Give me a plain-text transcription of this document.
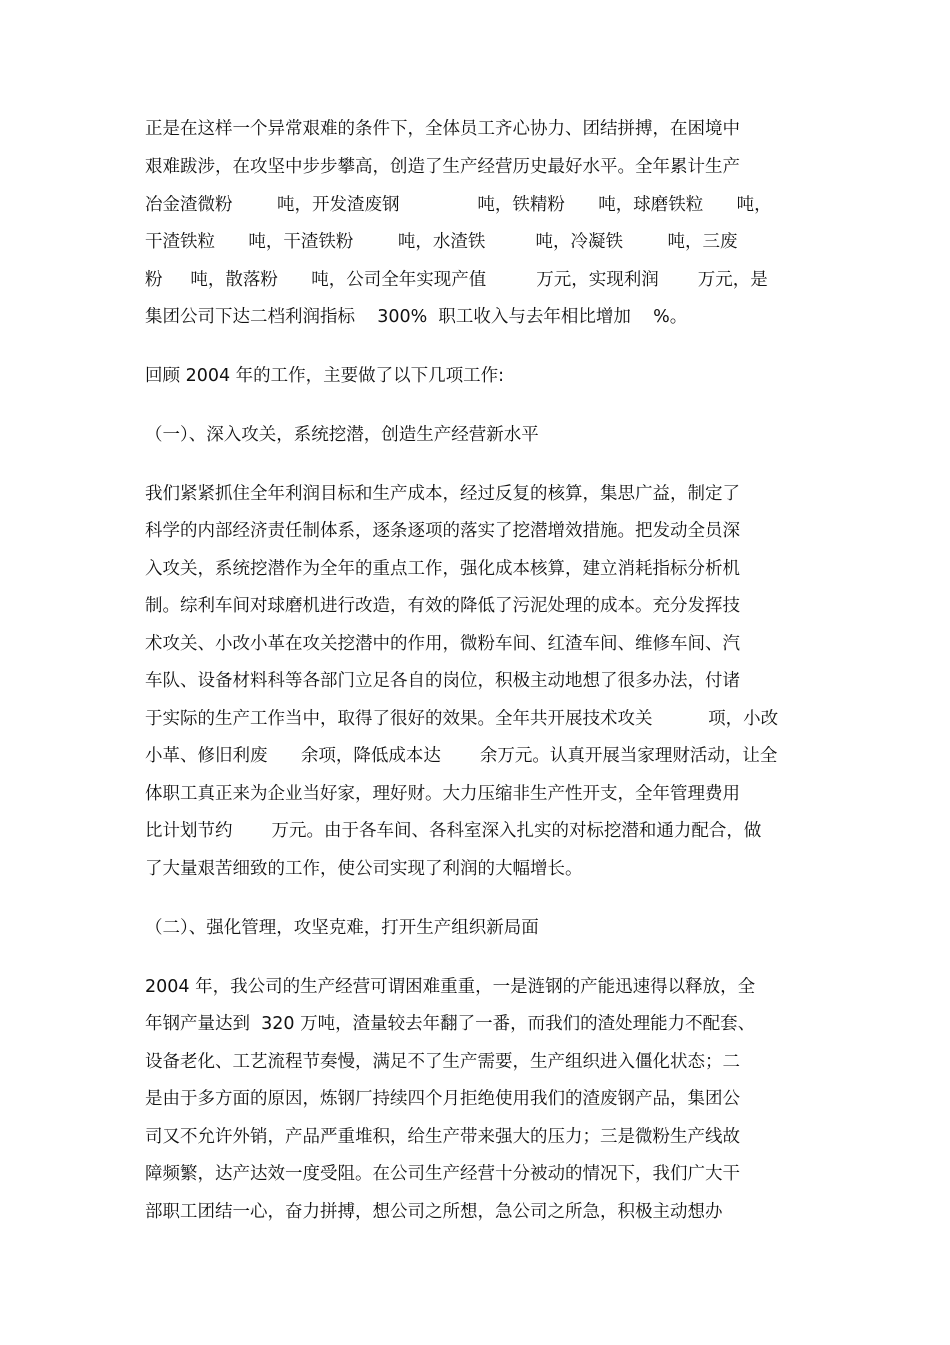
正是在这样一个异常艰难的条件下，全体员工齐心协力、团结拼搏，在困境中
艰难跋涉，在攻坚中步步攀高，创造了生产经营历史最好水平。全年累计生产
冶金渣微粉        吨，开发渣废钢              吨，铁精粉      吨，球磨铁粒      吨，
干渣铁粒      吨，干渣铁粉        吨，水渣铁         吨，冷凝铁        吨，三废
粉     吨，散落粉      吨，公司全年实现产值         万元，实现利润       万元，是
集团公司下达二档利润指标    300%  职工收入与去年相比增加    %。
回顾 2004 年的工作，主要做了以下几项工作:
（一）、深入攻关，系统挖潜，创造生产经营新水平
我们紧紧抓住全年利润目标和生产成本，经过反复的核算，集思广益，制定了
科学的内部经济责任制体系，逐条逐项的落实了挖潜增效措施。把发动全员深
入攻关，系统挖潜作为全年的重点工作，强化成本核算，建立消耗指标分析机
制。综利车间对球磨机进行改造，有效的降低了污泥处理的成本。充分发挥技
术攻关、小改小革在攻关挖潜中的作用，微粉车间、红渣车间、维修车间、汽
车队、设备材料科等各部门立足各自的岗位，积极主动地想了很多办法，付诸
于实际的生产工作当中，取得了很好的效果。全年共开展技术攻关          项，小改
小革、修旧利废      余项，降低成本达       余万元。认真开展当家理财活动，让全
体职工真正来为企业当好家，理好财。大力压缩非生产性开支，全年管理费用
比计划节约       万元。由于各车间、各科室深入扎实的对标挖潜和通力配合，做
了大量艰苦细致的工作，使公司实现了利润的大幅增长。
（二）、强化管理，攻坚克难，打开生产组织新局面
2004 年，我公司的生产经营可谓困难重重，一是涟钢的产能迅速得以释放，全
年钢产量达到  320 万吨，渣量较去年翻了一番，而我们的渣处理能力不配套、
设备老化、工艺流程节奏慢，满足不了生产需要，生产组织进入僵化状态；二
是由于多方面的原因，炼钢厂持续四个月拒绝使用我们的渣废钢产品，集团公
司又不允许外销，产品严重堆积，给生产带来强大的压力；三是微粉生产线故
障频繁，达产达效一度受阻。在公司生产经营十分被动的情况下，我们广大干
部职工团结一心，奋力拼搏，想公司之所想，急公司之所急，积极主动想办
